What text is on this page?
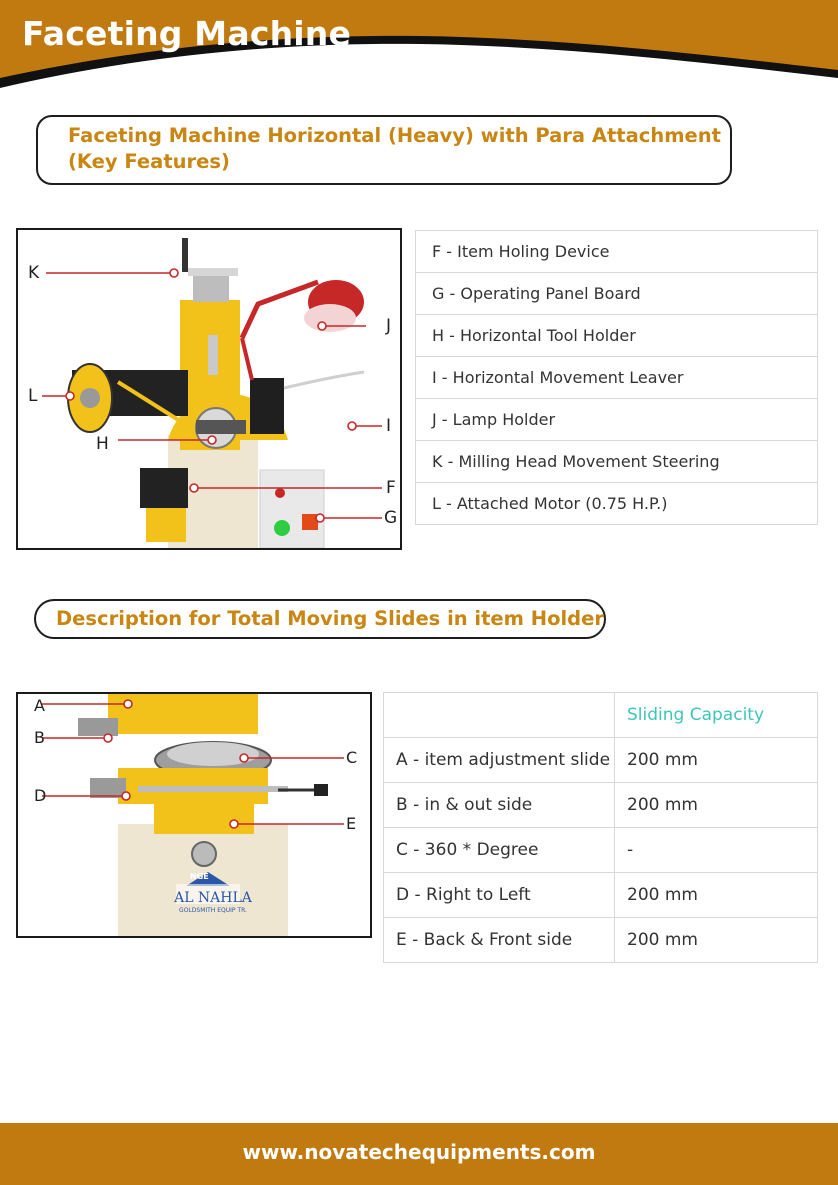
Faceting Machine
Faceting Machine Horizontal (Heavy) with Para Attachment
(Key Features)
K
J
L
I
H
F
G
F - Item Holing Device
G - Operating Panel Board
H - Horizontal Tool Holder
I - Horizontal Movement Leaver
J - Lamp Holder
K - Milling Head Movement Steering
L - Attached Motor (0.75 H.P.)
Description for Total Moving Slides in item Holder
A
B
C
D
E
NGE
AL NAHLA
GOLDSMITH EQUIP TR.
	Sliding Capacity
A - item adjustment slide	200 mm
B - in & out side	200 mm
C - 360 * Degree	-
D - Right to Left	200 mm
E - Back & Front side	200 mm
www.novatechequipments.com
